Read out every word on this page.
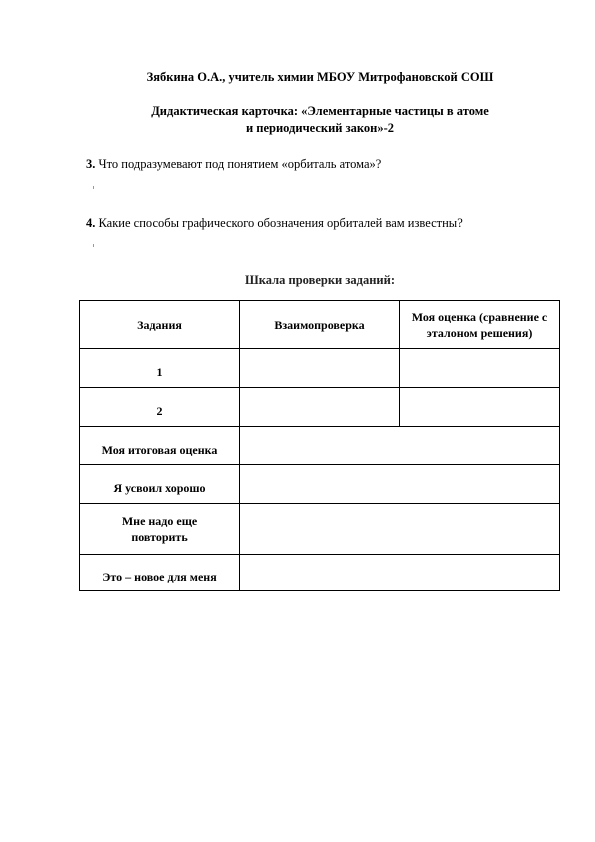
Зябкина О.А., учитель химии МБОУ Митрофановской СОШ
Дидактическая карточка: «Элементарные частицы в атоме
и периодический закон»-2
3. Что подразумевают под понятием «орбиталь атома»?
4. Какие способы графического обозначения орбиталей вам известны?
Шкала проверки заданий:
Задания	Взаимопроверка	Моя оценка (сравнение с эталоном решения)
1		
2		
Моя итоговая оценка		
Я усвоил хорошо		
Мне надо еще повторить		
Это – новое для меня		
